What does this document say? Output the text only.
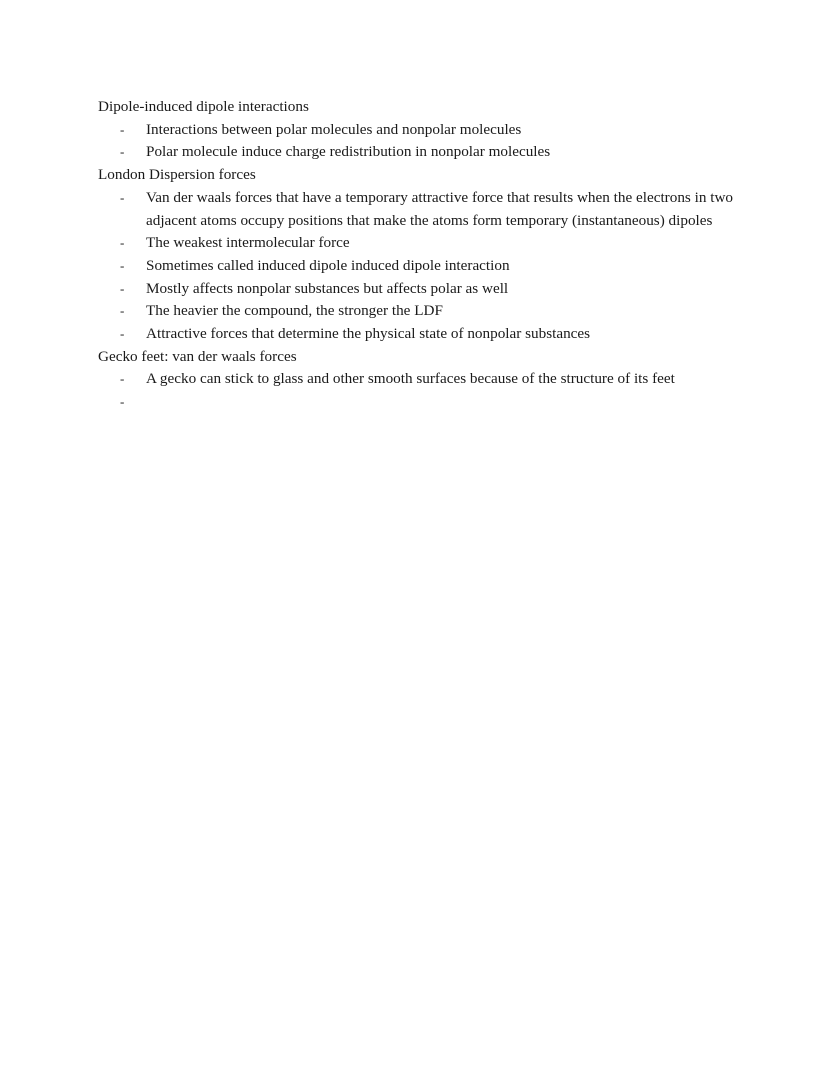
Dipole-induced dipole interactions

- Interactions between polar molecules and nonpolar molecules
- Polar molecule induce charge redistribution in nonpolar molecules

London Dispersion forces

- Van der waals forces that have a temporary attractive force that results when the electrons in two adjacent atoms occupy positions that make the atoms form temporary (instantaneous) dipoles
- The weakest intermolecular force
- Sometimes called induced dipole induced dipole interaction
- Mostly affects nonpolar substances but affects polar as well
- The heavier the compound, the stronger the LDF
- Attractive forces that determine the physical state of nonpolar substances

Gecko feet: van der waals forces

- A gecko can stick to glass and other smooth surfaces because of the structure of its feet
-
